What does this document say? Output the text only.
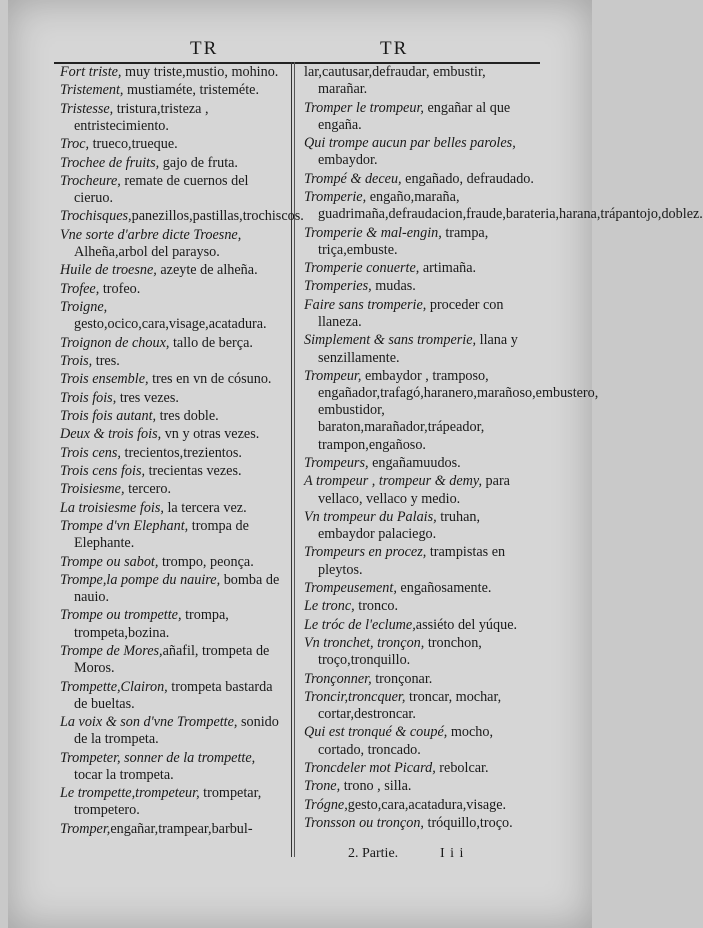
TR	TR
Fort triste, muy triste,mustio, mohino.
Tristement, mustiaméte, tristeméte.
Tristesse, tristura,tristeza , entristecimiento.
Troc, trueco,trueque.
Trochee de fruits, gajo de fruta.
Trocheure, remate de cuernos del cieruo.
Trochisques,panezillos,pastillas,trochiscos.
Vne sorte d'arbre dicte Troesne, Alheña,arbol del parayso.
Huile de troesne, azeyte de alheña.
Trofee, trofeo.
Troigne, gesto,ocico,cara,visage,acatadura.
Troignon de choux, tallo de berça.
Trois, tres.
Trois ensemble, tres en vn de cósuno.
Trois fois, tres vezes.
Trois fois autant, tres doble.
Deux & trois fois, vn y otras vezes.
Trois cens, trecientos,trezientos.
Trois cens fois, trecientas vezes.
Troisiesme, tercero.
La troisiesme fois, la tercera vez.
Trompe d'vn Elephant, trompa de Elephante.
Trompe ou sabot, trompo, peonça.
Trompe,la pompe du nauire, bomba de nauio.
Trompe ou trompette, trompa, trompeta,bozina.
Trompe de Mores,añafil, trompeta de Moros.
Trompette,Clairon, trompeta bastarda de bueltas.
La voix & son d'vne Trompette, sonido de la trompeta.
Trompeter, sonner de la trompette, tocar la trompeta.
Le trompette,trompeteur, trompetar, trompetero.
Tromper,engañar,trampear,barbul-
lar,cautusar,defraudar, embustir, marañar.
Tromper le trompeur, engañar al que engaña.
Qui trompe aucun par belles paroles, embaydor.
Trompé & deceu, engañado, defraudado.
Tromperie, engaño,maraña, guadrimaña,defraudacion,fraude,barateria,harana,trápantojo,doblez.
Tromperie & mal-engin, trampa, triça,embuste.
Tromperie conuerte, artimaña.
Tromperies, mudas.
Faire sans tromperie, proceder con llaneza.
Simplement & sans tromperie, llana y senzillamente.
Trompeur, embaydor , tramposo, engañador,trafagó,haranero,marañoso,embustero, embustidor, baraton,marañador,trápeador, trampon,engañoso.
Trompeurs, engañamuudos.
A trompeur , trompeur & demy, para vellaco, vellaco y medio.
Vn trompeur du Palais, truhan, embaydor palaciego.
Trompeurs en procez, trampistas en pleytos.
Trompeusement, engañosamente.
Le tronc, tronco.
Le tróc de l'eclume,assiéto del yúque.
Vn tronchet, tronçon, tronchon, troço,tronquillo.
Tronçonner, tronçonar.
Troncir,troncquer, troncar, mochar, cortar,destroncar.
Qui est tronqué & coupé, mocho, cortado, troncado.
Troncdeler mot Picard, rebolcar.
Trone, trono , silla.
Trógne,gesto,cara,acatadura,visage.
Tronsson ou tronçon, tróquillo,troço.
2. Partie.	I i i
